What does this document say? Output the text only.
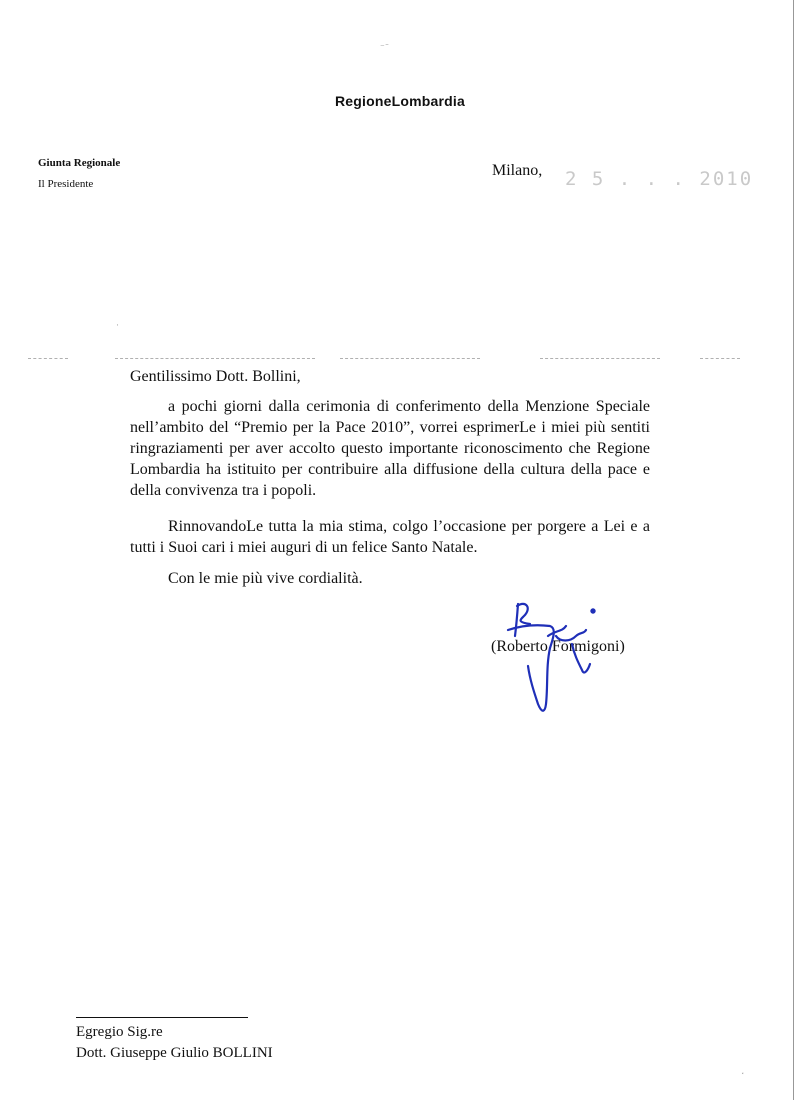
⁻ ̄
·
⸼
RegioneLombardia
Giunta Regionale
Il Presidente
Milano, 2 5 . . . 2010
Gentilissimo Dott. Bollini,

a pochi giorni dalla cerimonia di conferimento della Menzione Speciale nell’ambito del “Premio per la Pace 2010”, vorrei esprimerLe i miei più sentiti ringraziamenti per aver accolto questo importante riconoscimento che Regione Lombardia ha istituito per contribuire alla diffusione della cultura della pace e della convivenza tra i popoli.

RinnovandoLe tutta la mia stima, colgo l’occasione per porgere a Lei e a tutti i Suoi cari i miei auguri di un felice Santo Natale.

Con le mie più vive cordialità.
(Roberto Formigoni)
Egregio Sig.re
Dott. Giuseppe Giulio BOLLINI
